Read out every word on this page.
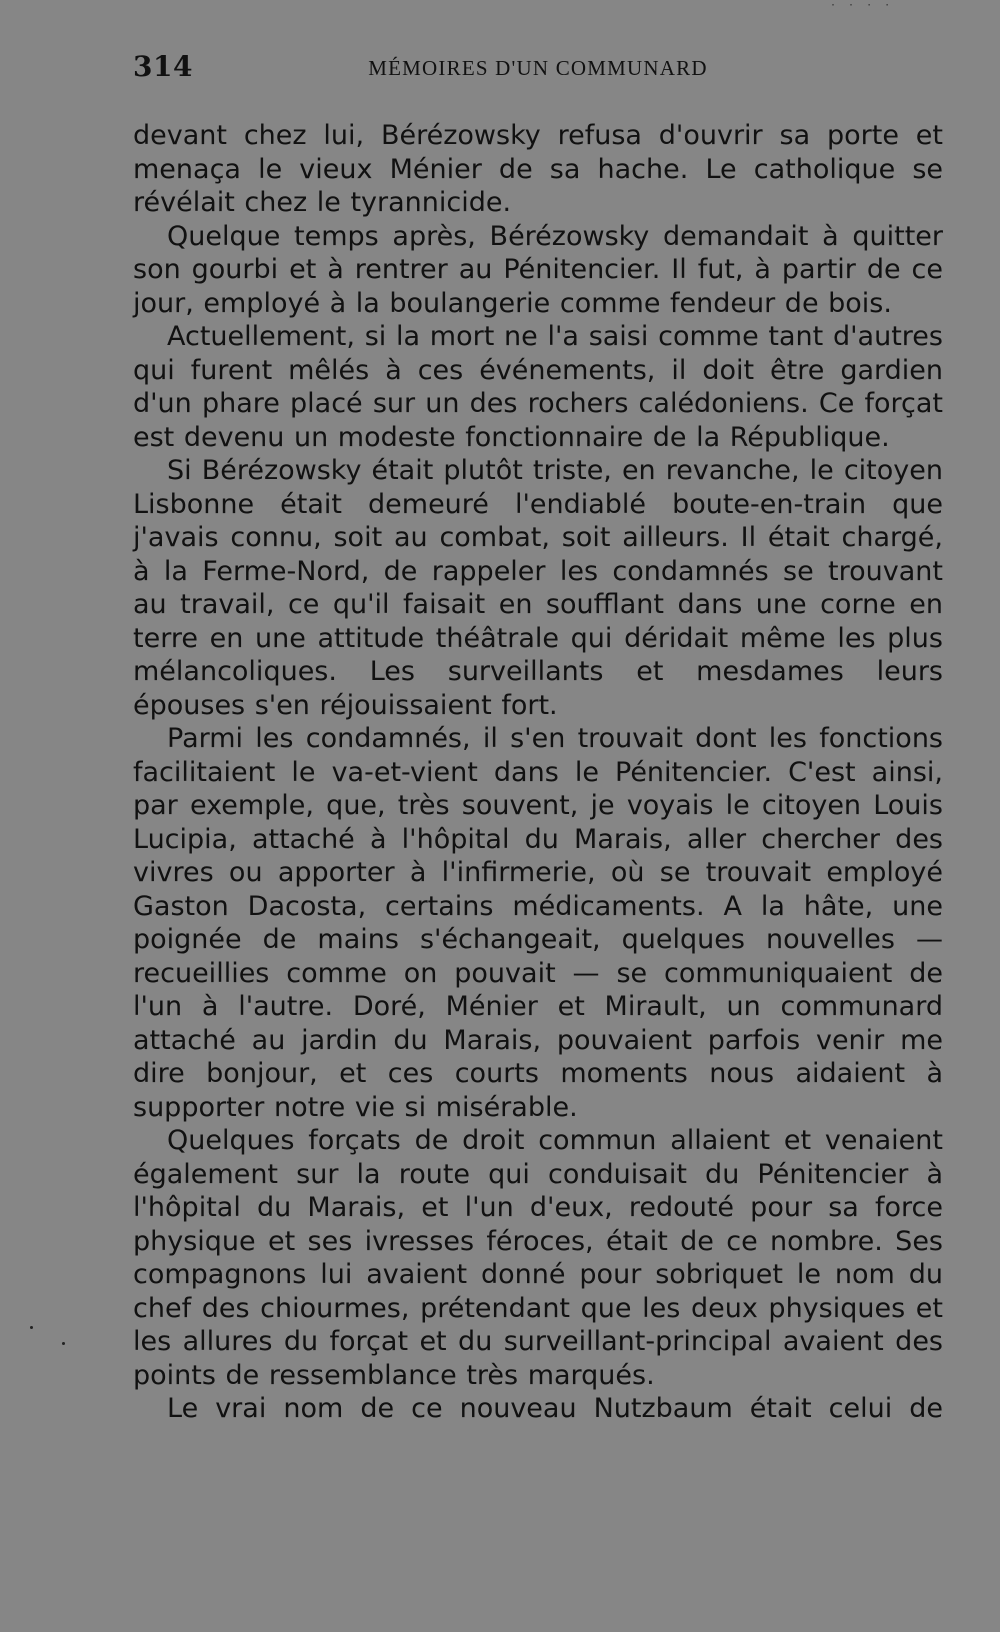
· · · ·
314	MÉMOIRES D'UN COMMUNARD

devant chez lui, Bérézowsky refusa d'ouvrir sa porte et menaça le vieux Ménier de sa hache. Le catholique se révélait chez le tyrannicide.

Quelque temps après, Bérézowsky demandait à quitter son gourbi et à rentrer au Pénitencier. Il fut, à partir de ce jour, employé à la boulangerie comme fendeur de bois.

Actuellement, si la mort ne l'a saisi comme tant d'autres qui furent mêlés à ces événements, il doit être gardien d'un phare placé sur un des rochers calédoniens. Ce forçat est devenu un modeste fonctionnaire de la République.

Si Bérézowsky était plutôt triste, en revanche, le citoyen Lisbonne était demeuré l'endiablé boute-en-train que j'avais connu, soit au combat, soit ailleurs. Il était chargé, à la Ferme-Nord, de rappeler les condamnés se trouvant au travail, ce qu'il faisait en soufflant dans une corne en terre en une attitude théâtrale qui déridait même les plus mélancoliques. Les surveillants et mesdames leurs épouses s'en réjouissaient fort.

Parmi les condamnés, il s'en trouvait dont les fonctions facilitaient le va-et-vient dans le Pénitencier. C'est ainsi, par exemple, que, très souvent, je voyais le citoyen Louis Lucipia, attaché à l'hôpital du Marais, aller chercher des vivres ou apporter à l'infirmerie, où se trouvait employé Gaston Dacosta, certains médicaments. A la hâte, une poignée de mains s'échangeait, quelques nouvelles — recueillies comme on pouvait — se communiquaient de l'un à l'autre. Doré, Ménier et Mirault, un communard attaché au jardin du Marais, pouvaient parfois venir me dire bonjour, et ces courts moments nous aidaient à supporter notre vie si misérable.

Quelques forçats de droit commun allaient et venaient également sur la route qui conduisait du Pénitencier à l'hôpital du Marais, et l'un d'eux, redouté pour sa force physique et ses ivresses féroces, était de ce nombre. Ses compagnons lui avaient donné pour sobriquet le nom du chef des chiourmes, prétendant que les deux physiques et les allures du forçat et du surveillant-principal avaient des points de ressemblance très marqués.

Le vrai nom de ce nouveau Nutzbaum était celui de
